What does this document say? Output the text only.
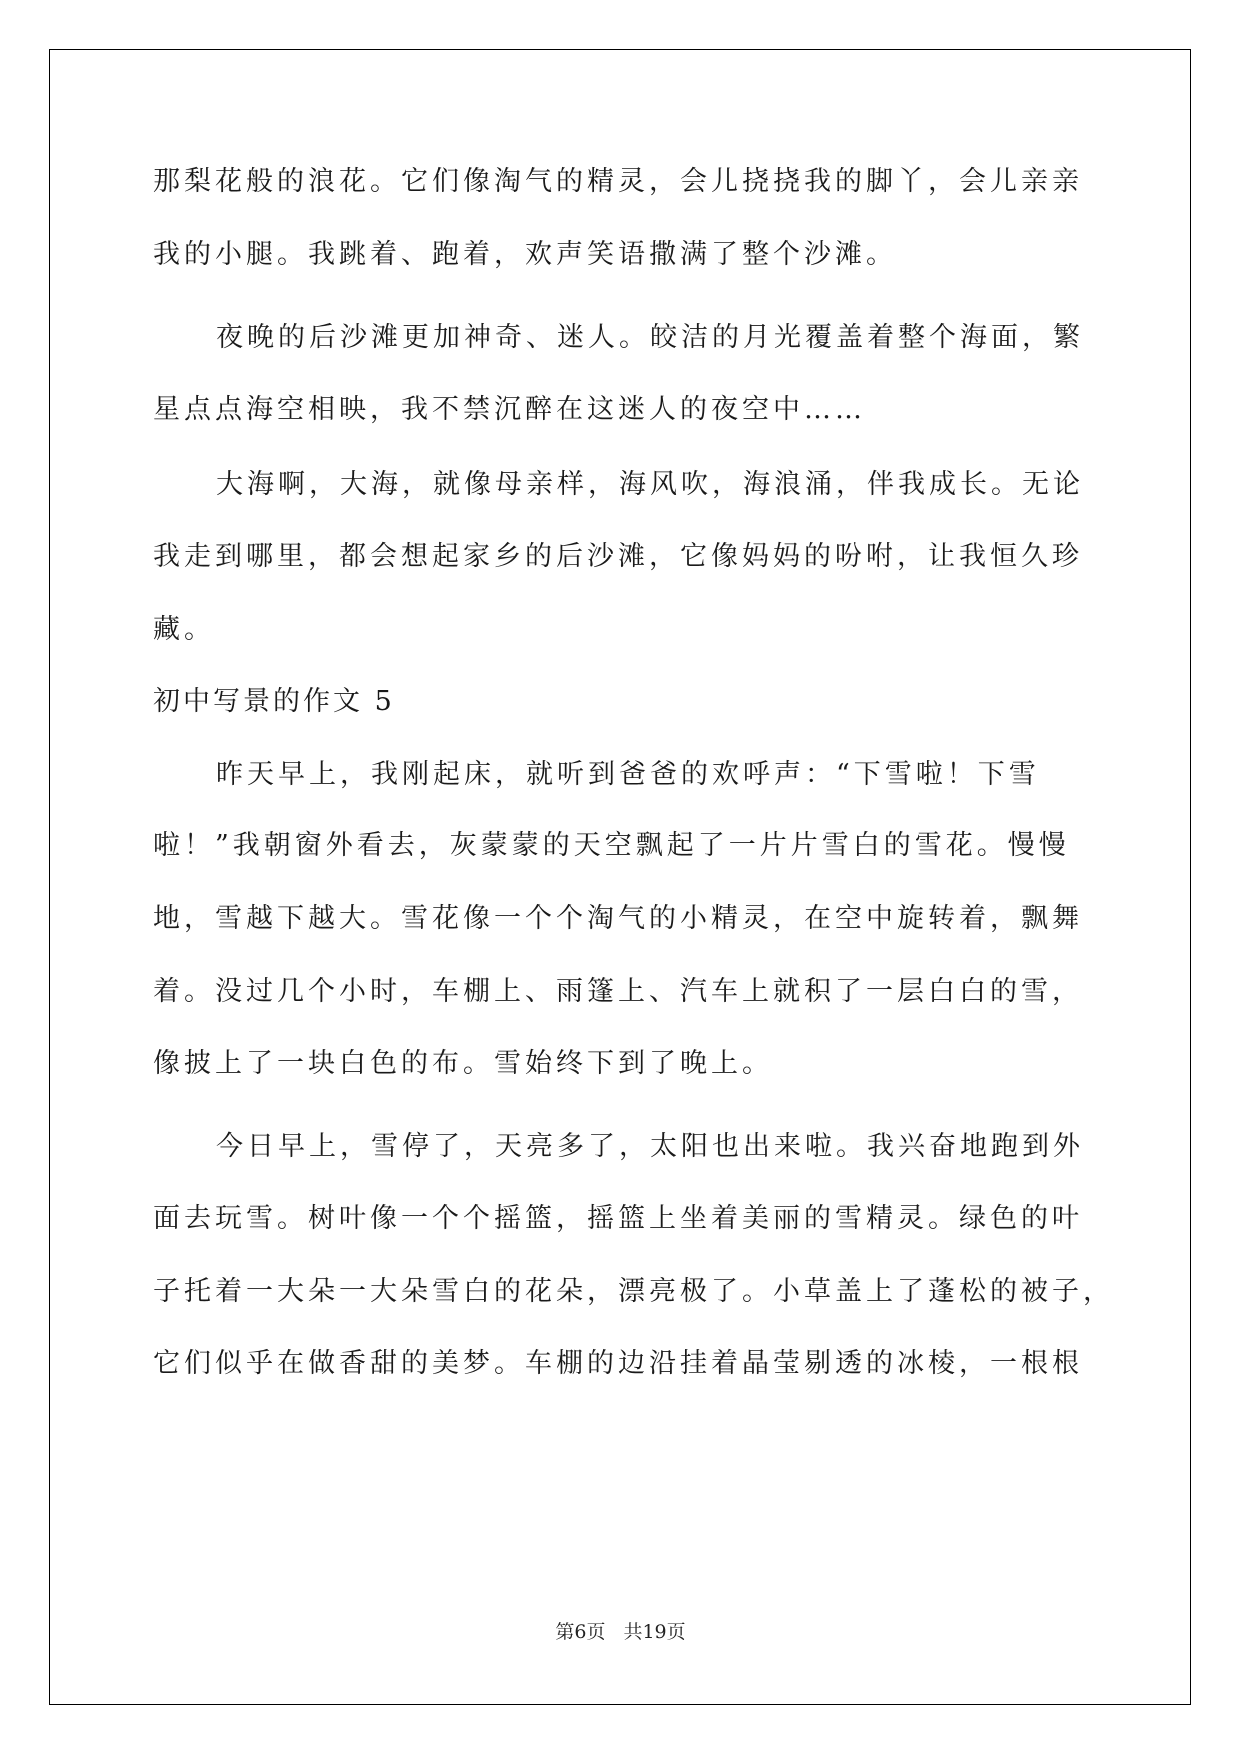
那梨花般的浪花。它们像淘气的精灵，会儿挠挠我的脚丫，会儿亲亲
我的小腿。我跳着、跑着，欢声笑语撒满了整个沙滩。
夜晚的后沙滩更加神奇、迷人。皎洁的月光覆盖着整个海面，繁
星点点海空相映，我不禁沉醉在这迷人的夜空中……
大海啊，大海，就像母亲样，海风吹，海浪涌，伴我成长。无论
我走到哪里，都会想起家乡的后沙滩，它像妈妈的吩咐，让我恒久珍
藏。
初中写景的作文 5
昨天早上，我刚起床，就听到爸爸的欢呼声：“下雪啦！下雪
啦！”我朝窗外看去，灰蒙蒙的天空飘起了一片片雪白的雪花。慢慢
地，雪越下越大。雪花像一个个淘气的小精灵，在空中旋转着，飘舞
着。没过几个小时，车棚上、雨篷上、汽车上就积了一层白白的雪，
像披上了一块白色的布。雪始终下到了晚上。
今日早上，雪停了，天亮多了，太阳也出来啦。我兴奋地跑到外
面去玩雪。树叶像一个个摇篮，摇篮上坐着美丽的雪精灵。绿色的叶
子托着一大朵一大朵雪白的花朵，漂亮极了。小草盖上了蓬松的被子，
它们似乎在做香甜的美梦。车棚的边沿挂着晶莹剔透的冰棱，一根根
第6页 共19页
